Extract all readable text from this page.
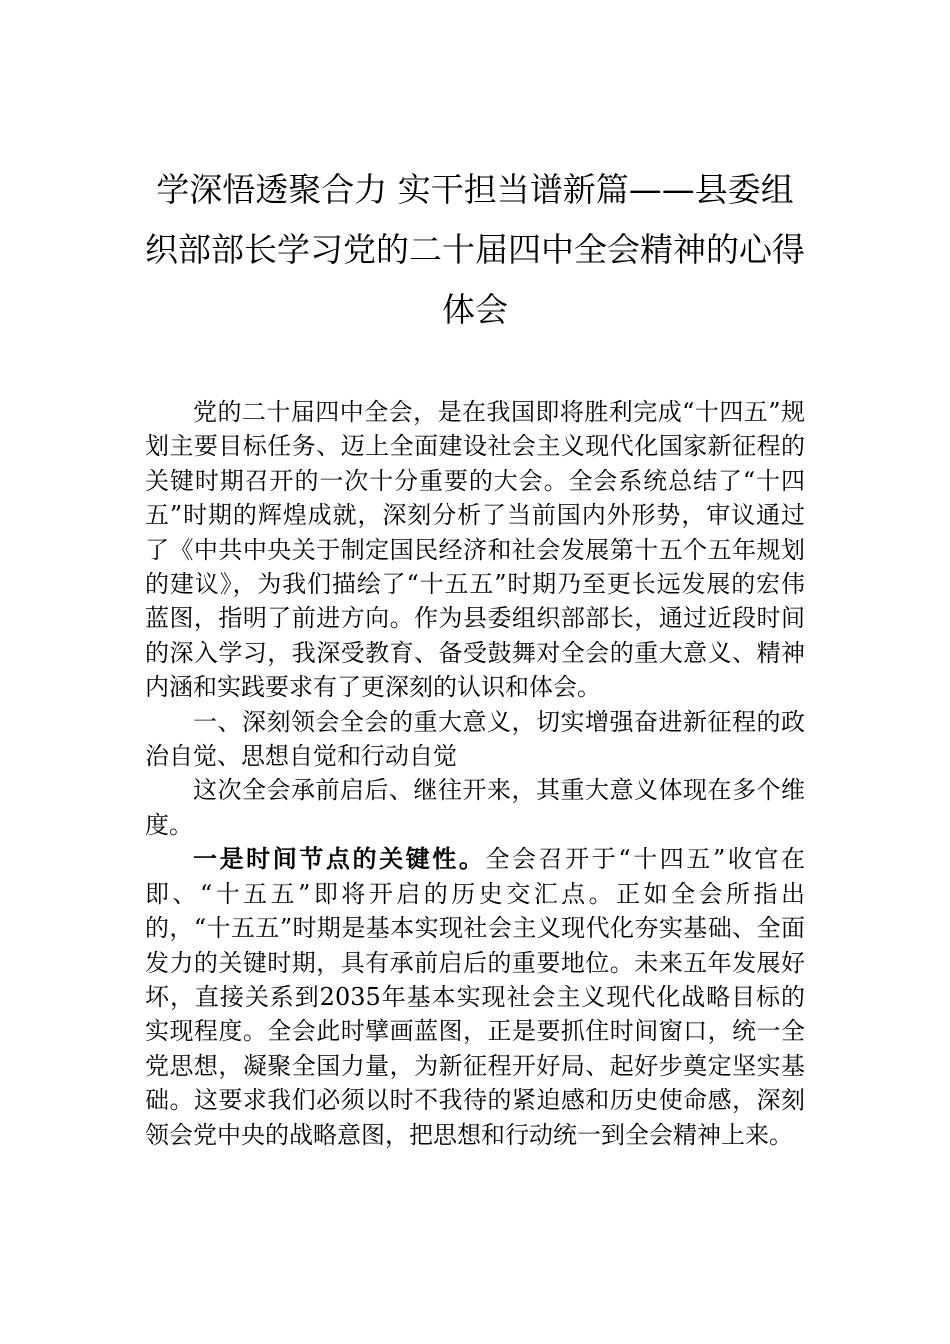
学深悟透聚合力 实干担当谱新篇——县委组织部部长学习党的二十届四中全会精神的心得体会

党的二十届四中全会，是在我国即将胜利完成“十四五”规划主要目标任务、迈上全面建设社会主义现代化国家新征程的关键时期召开的一次十分重要的大会。全会系统总结了“十四五”时期的辉煌成就，深刻分析了当前国内外形势，审议通过了《中共中央关于制定国民经济和社会发展第十五个五年规划的建议》，为我们描绘了“十五五”时期乃至更长远发展的宏伟蓝图，指明了前进方向。作为县委组织部部长，通过近段时间的深入学习，我深受教育、备受鼓舞对全会的重大意义、精神内涵和实践要求有了更深刻的认识和体会。

一、深刻领会全会的重大意义，切实增强奋进新征程的政治自觉、思想自觉和行动自觉

这次全会承前启后、继往开来，其重大意义体现在多个维度。

一是时间节点的关键性。全会召开于“十四五”收官在即、“十五五”即将开启的历史交汇点。正如全会所指出的，“十五五”时期是基本实现社会主义现代化夯实基础、全面发力的关键时期，具有承前启后的重要地位。未来五年发展好坏，直接关系到2035年基本实现社会主义现代化战略目标的实现程度。全会此时擘画蓝图，正是要抓住时间窗口，统一全党思想，凝聚全国力量，为新征程开好局、起好步奠定坚实基础。这要求我们必须以时不我待的紧迫感和历史使命感，深刻领会党中央的战略意图，把思想和行动统一到全会精神上来。
